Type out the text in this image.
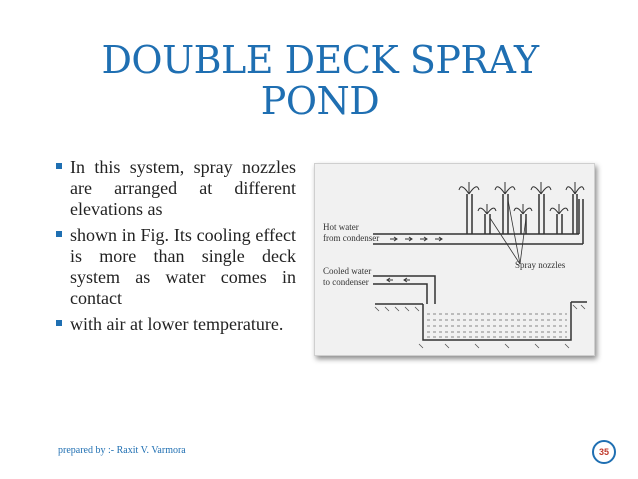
DOUBLE DECK SPRAY
POND
In this system, spray nozzles are arranged at different elevations as
shown in Fig. Its cooling effect is more than single deck system as water comes in contact
with air at lower temperature.
Hot water
from condenser
Cooled water
to condenser
Spray nozzles
prepared by :- Raxit V. Varmora	35
